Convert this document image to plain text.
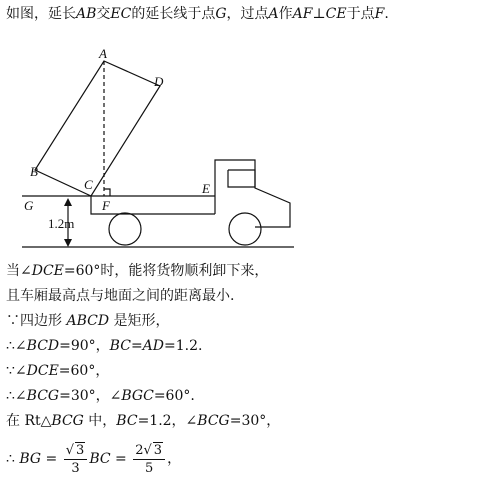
如图，延长AB交EC的延长线于点G，过点A作AF⊥CE于点F.
A
D
B
C	E
F
G
1.2m
当∠DCE=60°时，能将货物顺利卸下来，
且车厢最高点与地面之间的距离最小.
∵四边形 ABCD 是矩形，
∴∠BCD=90°，BC=AD=1.2.
∵∠DCE=60°，
∴∠BCG=30°，∠BGC=60°.
在 Rt△BCG 中，BC=1.2，∠BCG=30°，
∴ BG = $\frac{√ 3}{3}$ BC = $\frac{2√ 3}{5}$ ，
